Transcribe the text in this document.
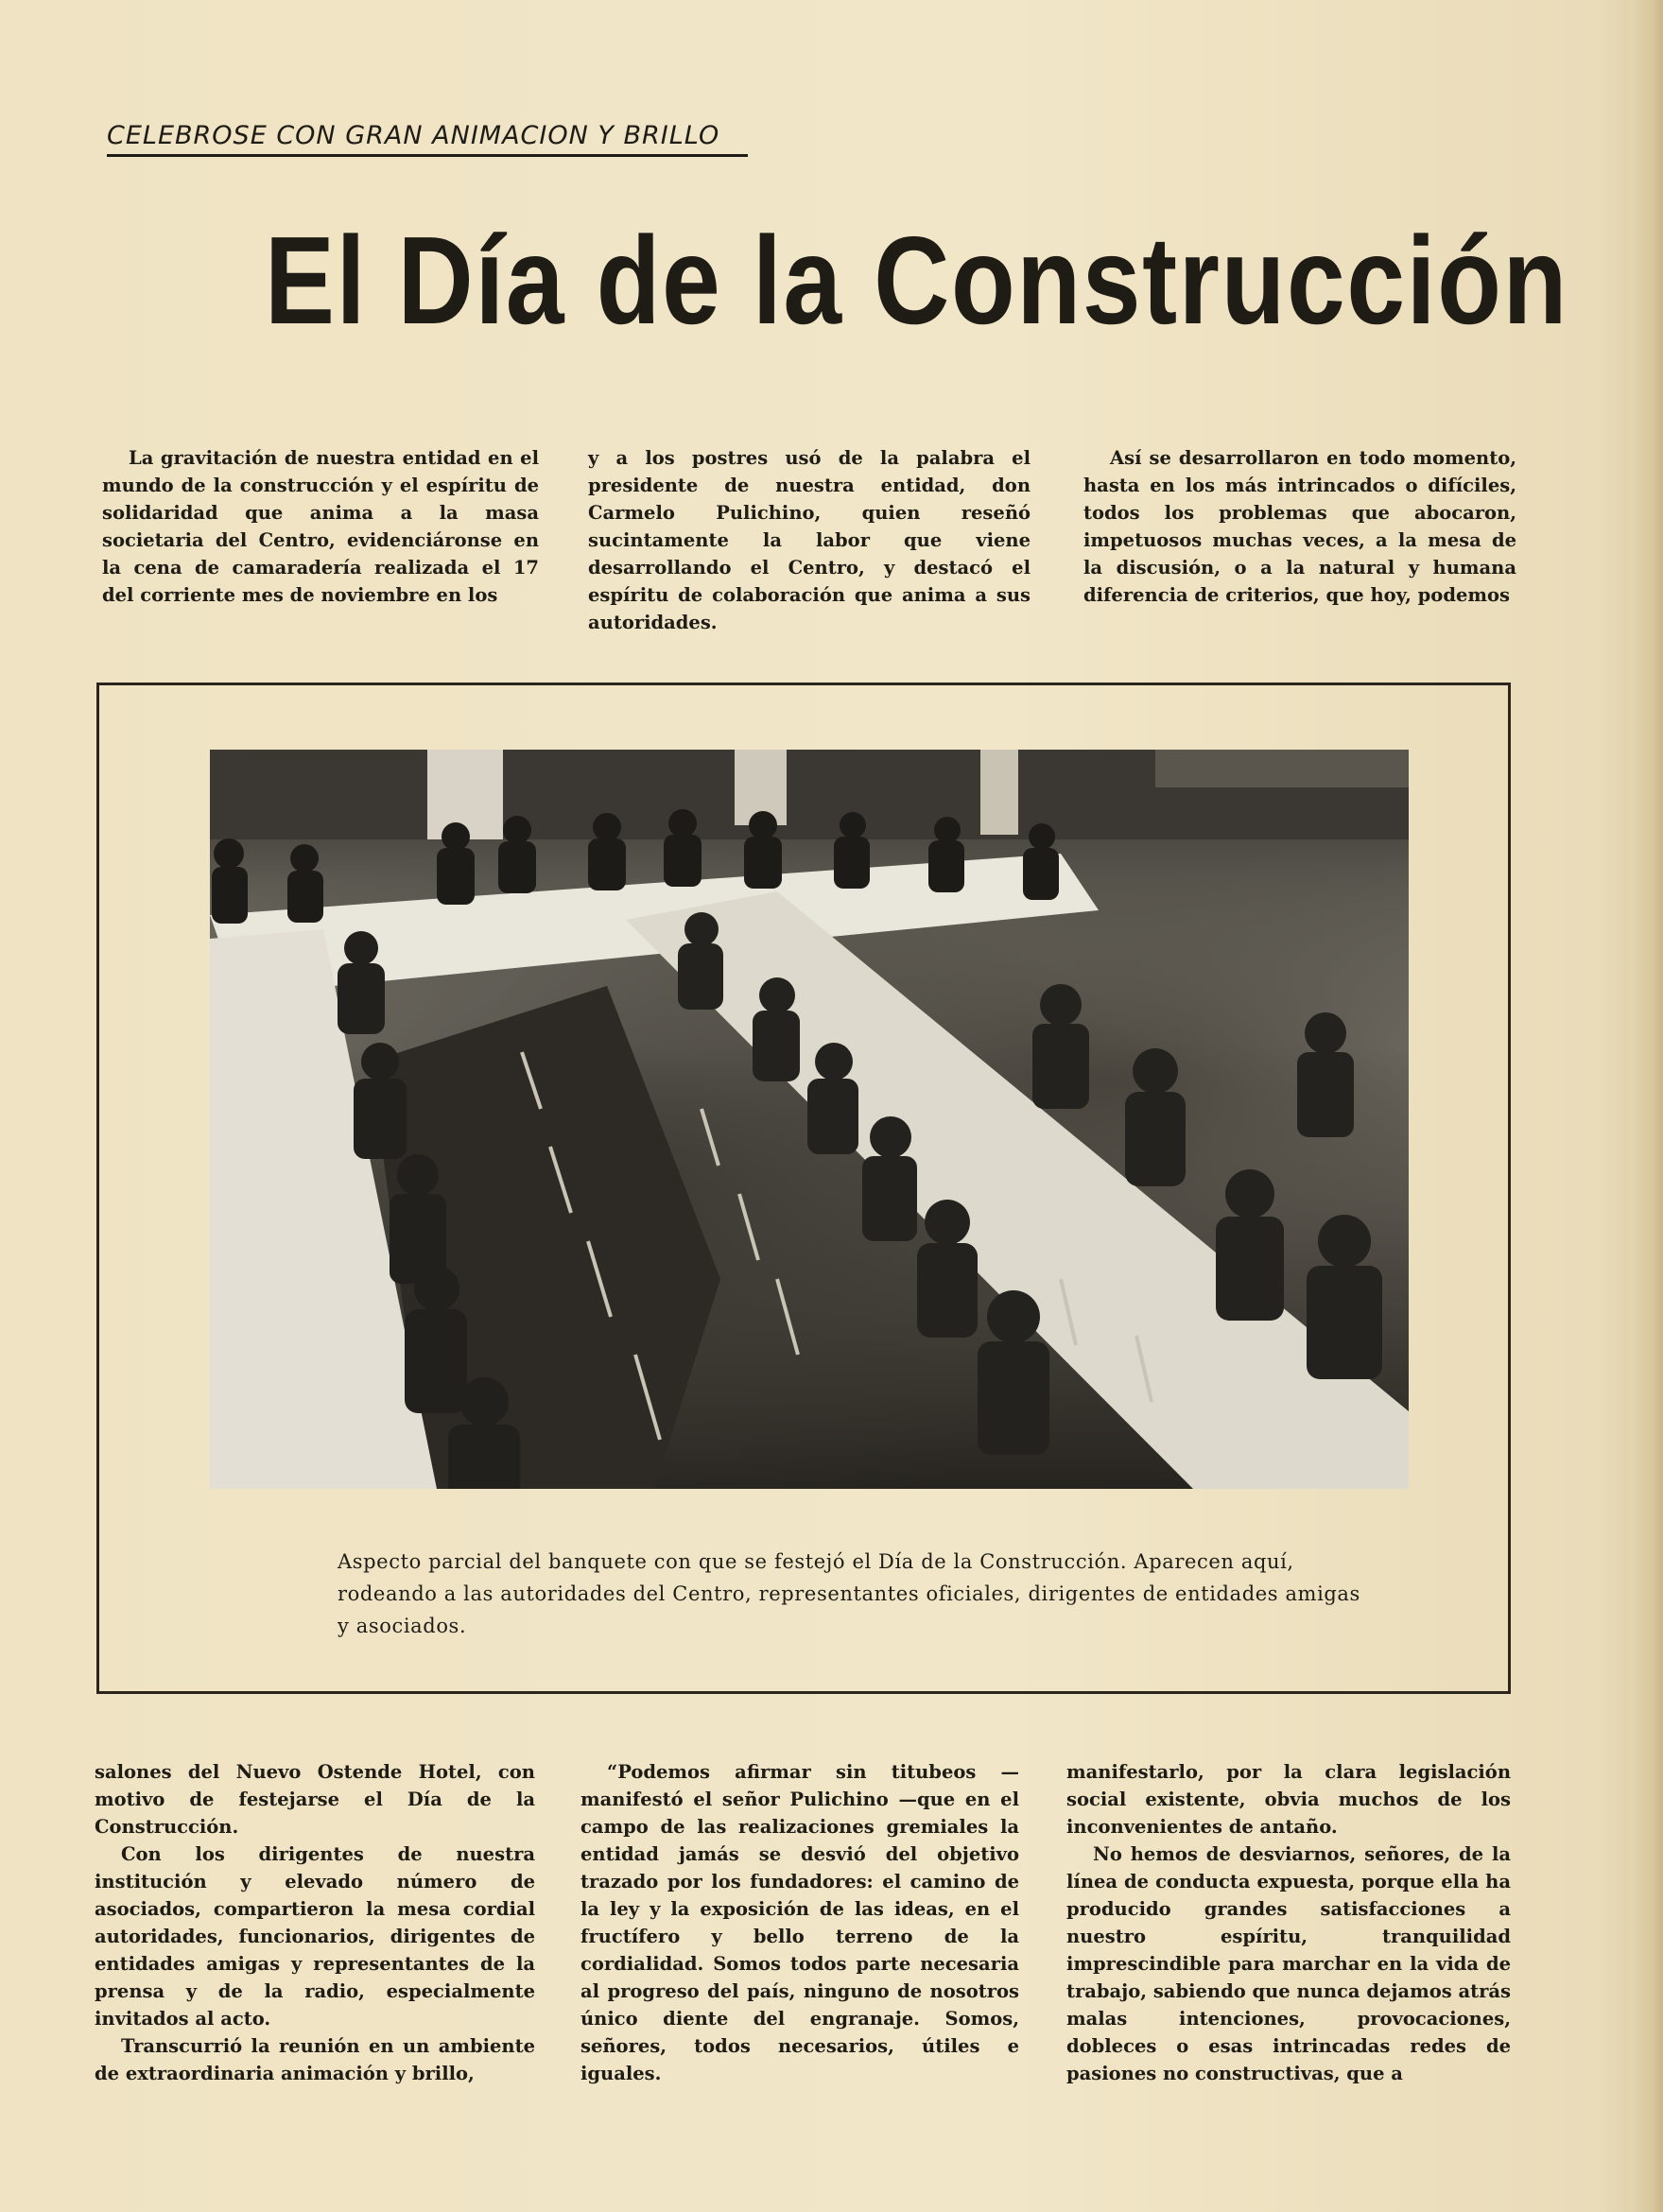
CELEBROSE CON GRAN ANIMACION Y BRILLO
El Día de la Construcción

La gravitación de nuestra entidad en el mundo de la construcción y el espíritu de solidaridad que anima a la masa societaria del Centro, evidenciáronse en la cena de camaradería realizada el 17 del corriente mes de noviembre en los

y a los postres usó de la palabra el presidente de nuestra entidad, don Carmelo Pulichino, quien reseñó sucintamente la labor que viene desarrollando el Centro, y destacó el espíritu de colaboración que anima a sus autoridades.

Así se desarrollaron en todo momento, hasta en los más intrincados o difíciles, todos los problemas que abocaron, impetuosos muchas veces, a la mesa de la discusión, o a la natural y humana diferencia de criterios, que hoy, podemos

Aspecto parcial del banquete con que se festejó el Día de la Construcción. Aparecen aquí, rodeando a las autoridades del Centro, representantes oficiales, dirigentes de entidades amigas y asociados.

salones del Nuevo Ostende Hotel, con motivo de festejarse el Día de la Construcción.

Con los dirigentes de nuestra institución y elevado número de asociados, compartieron la mesa cordial autoridades, funcionarios, dirigentes de entidades amigas y representantes de la prensa y de la radio, especialmente invitados al acto.

Transcurrió la reunión en un ambiente de extraordinaria animación y brillo,

“Podemos afirmar sin titubeos — manifestó el señor Pulichino —que en el campo de las realizaciones gremiales la entidad jamás se desvió del objetivo trazado por los fundadores: el camino de la ley y la exposición de las ideas, en el fructífero y bello terreno de la cordialidad. Somos todos parte necesaria al progreso del país, ninguno de nosotros único diente del engranaje. Somos, señores, todos necesarios, útiles e iguales.

manifestarlo, por la clara legislación social existente, obvia muchos de los inconvenientes de antaño.

No hemos de desviarnos, señores, de la línea de conducta expuesta, porque ella ha producido grandes satisfacciones a nuestro espíritu, tranquilidad imprescindible para marchar en la vida de trabajo, sabiendo que nunca dejamos atrás malas intenciones, provocaciones, dobleces o esas intrincadas redes de pasiones no constructivas, que a
